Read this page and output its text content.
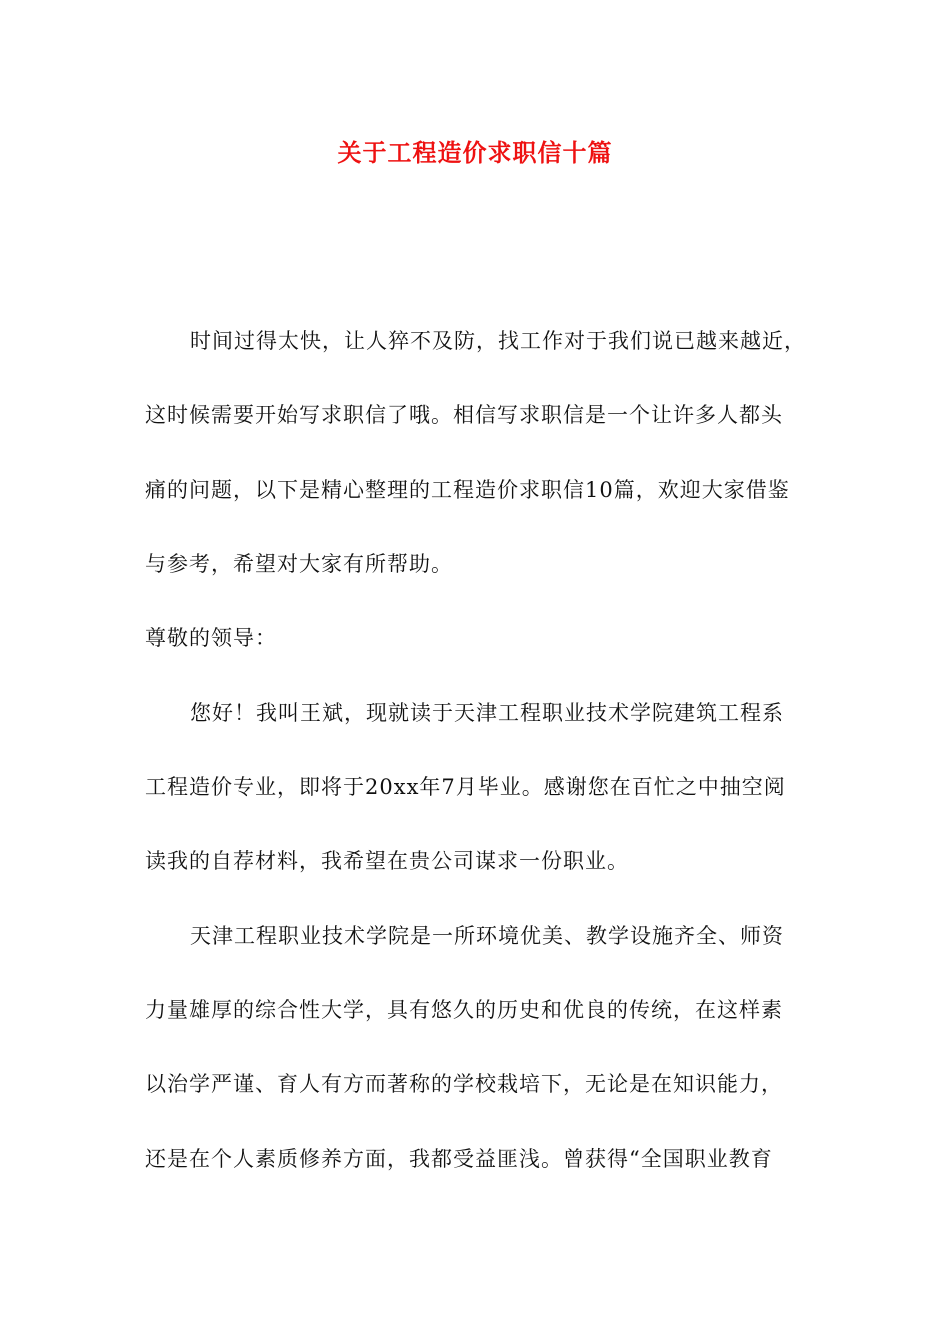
关于工程造价求职信十篇
时间过得太快，让人猝不及防，找工作对于我们说已越来越近，
这时候需要开始写求职信了哦。相信写求职信是一个让许多人都头
痛的问题，以下是精心整理的工程造价求职信10篇，欢迎大家借鉴
与参考，希望对大家有所帮助。
尊敬的领导：
您好！我叫王斌，现就读于天津工程职业技术学院建筑工程系
工程造价专业，即将于20xx年7月毕业。感谢您在百忙之中抽空阅
读我的自荐材料，我希望在贵公司谋求一份职业。
天津工程职业技术学院是一所环境优美、教学设施齐全、师资
力量雄厚的综合性大学，具有悠久的历史和优良的传统，在这样素
以治学严谨、育人有方而著称的学校栽培下，无论是在知识能力，
还是在个人素质修养方面，我都受益匪浅。曾获得“全国职业教育
